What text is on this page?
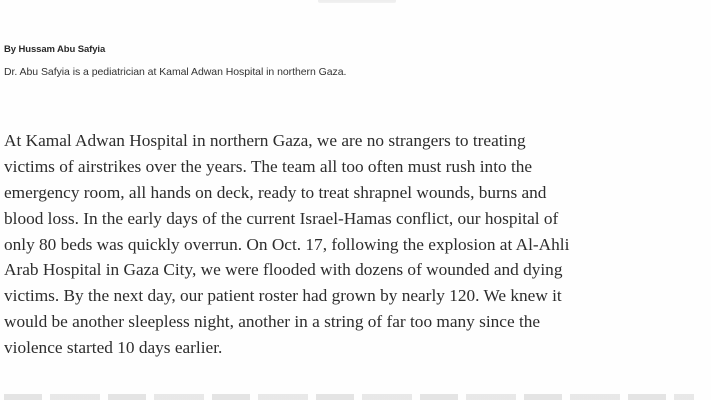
By Hussam Abu Safyia
Dr. Abu Safyia is a pediatrician at Kamal Adwan Hospital in northern Gaza.
At Kamal Adwan Hospital in northern Gaza, we are no strangers to treating
victims of airstrikes over the years. The team all too often must rush into the
emergency room, all hands on deck, ready to treat shrapnel wounds, burns and
blood loss. In the early days of the current Israel-Hamas conflict, our hospital of
only 80 beds was quickly overrun. On Oct. 17, following the explosion at Al-Ahli
Arab Hospital in Gaza City, we were flooded with dozens of wounded and dying
victims. By the next day, our patient roster had grown by nearly 120. We knew it
would be another sleepless night, another in a string of far too many since the
violence started 10 days earlier.
